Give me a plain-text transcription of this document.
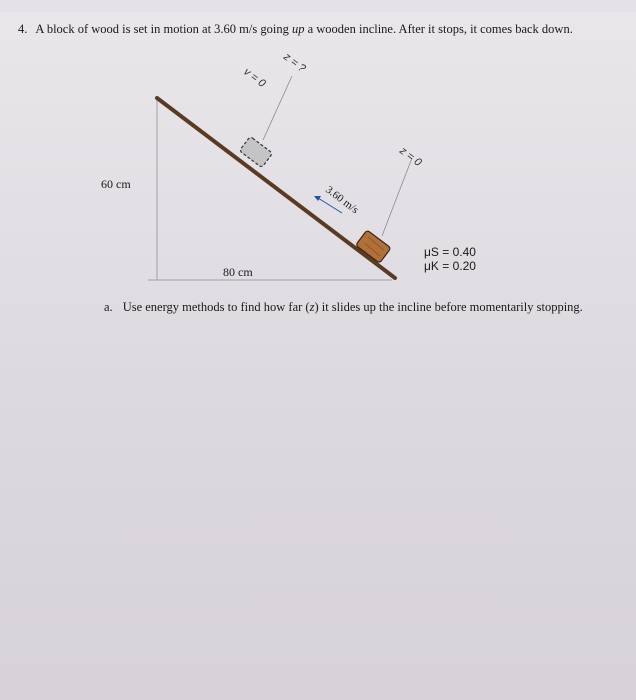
4. A block of wood is set in motion at 3.60 m/s going up a wooden incline. After it stops, it comes back down.
60 cm
80 cm
3.60 m/s
z = ?
v = 0
z = 0
μS = 0.40
μK = 0.20
a. Use energy methods to find how far (z) it slides up the incline before momentarily stopping.
